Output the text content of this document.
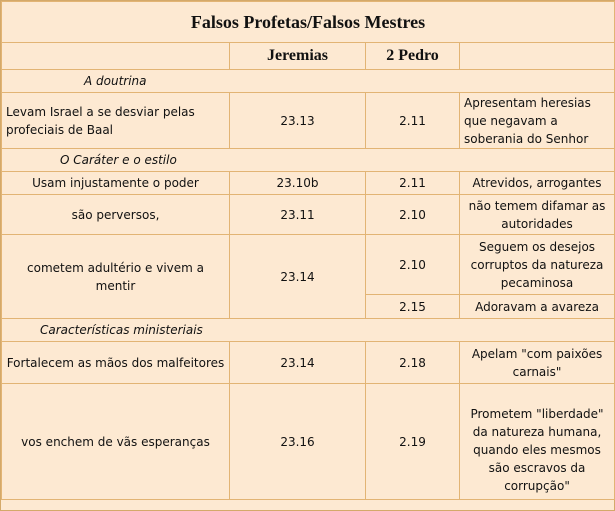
Falsos Profetas/Falsos Mestres			
	Jeremias	2 Pedro	
A doutrina			
Levam Israel a se desviar pelas profeciais de Baal	23.13	2.11	Apresentam heresias que negavam a soberania do Senhor
O Caráter e o estilo			
Usam injustamente o poder	23.10b	2.11	Atrevidos, arrogantes
são perversos,	23.11	2.10	não temem difamar as autoridades
cometem adultério e vivem a mentir	23.14	2.10	Seguem os desejos corruptos da natureza pecaminosa
		2.15	Adoravam a avareza
Características ministeriais			
Fortalecem as mãos dos malfeitores	23.14	2.18	Apelam "com paixões carnais"
vos enchem de vãs esperanças	23.16	2.19	Prometem "liberdade" da natureza humana, quando eles mesmos são escravos da corrupção"
